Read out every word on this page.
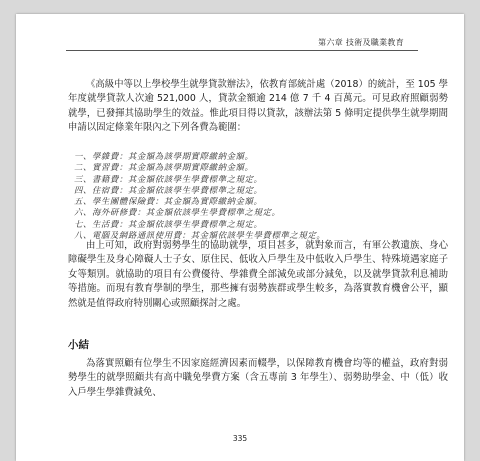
第六章 技術及職業教育

《高級中等以上學校學生就學貸款辦法》，依教育部統計處（2018）的統計，至 105 學年度就學貸款人次逾 521,000 人，貸款金額逾 214 億 7 千 4 百萬元。可見政府照顧弱勢就學，已發揮其協助學生的效益。惟此項目得以貸款，該辦法第 5 條明定提供學生就學期間申請以固定條業年限內之下列各費為範圍：

一、學雜費：其金額為該學期實際繳納金額。
二、實習費：其金額為該學期實際繳納金額。
三、書籍費：其金額依該學生學費標準之規定。
四、住宿費：其金額依該學生學費標準之規定。
五、學生團體保險費：其金額為實際繳納金額。
六、海外研修費：其金額依該學生學費標準之規定。
七、生活費：其金額依該學生學費標準之規定。
八、電腦及網路通訊使用費：其金額依該學生學費標準之規定。

由上可知，政府對弱勢學生的協助就學，項目甚多，就對象而言，有軍公教遺族、身心障礙學生及身心障礙人士子女、原住民、低收入戶學生及中低收入戶學生、特殊境遇家庭子女等類別。就協助的項目有公費優待、學雜費全部減免或部分減免，以及就學貸款利息補助等措施。而現有教育學制的學生，那些擁有弱勢族群或學生較多，為落實教育機會公平，顯然就是值得政府特別關心或照顧探討之處。

小結

為落實照顧有位學生不因家庭經濟因素而輟學，以保障教育機會均等的權益，政府對弱勢學生的就學照顧共有高中職免學費方案（含五專前 3 年學生）、弱勢助學金、中（低）收入戶學生學雜費減免、

335
